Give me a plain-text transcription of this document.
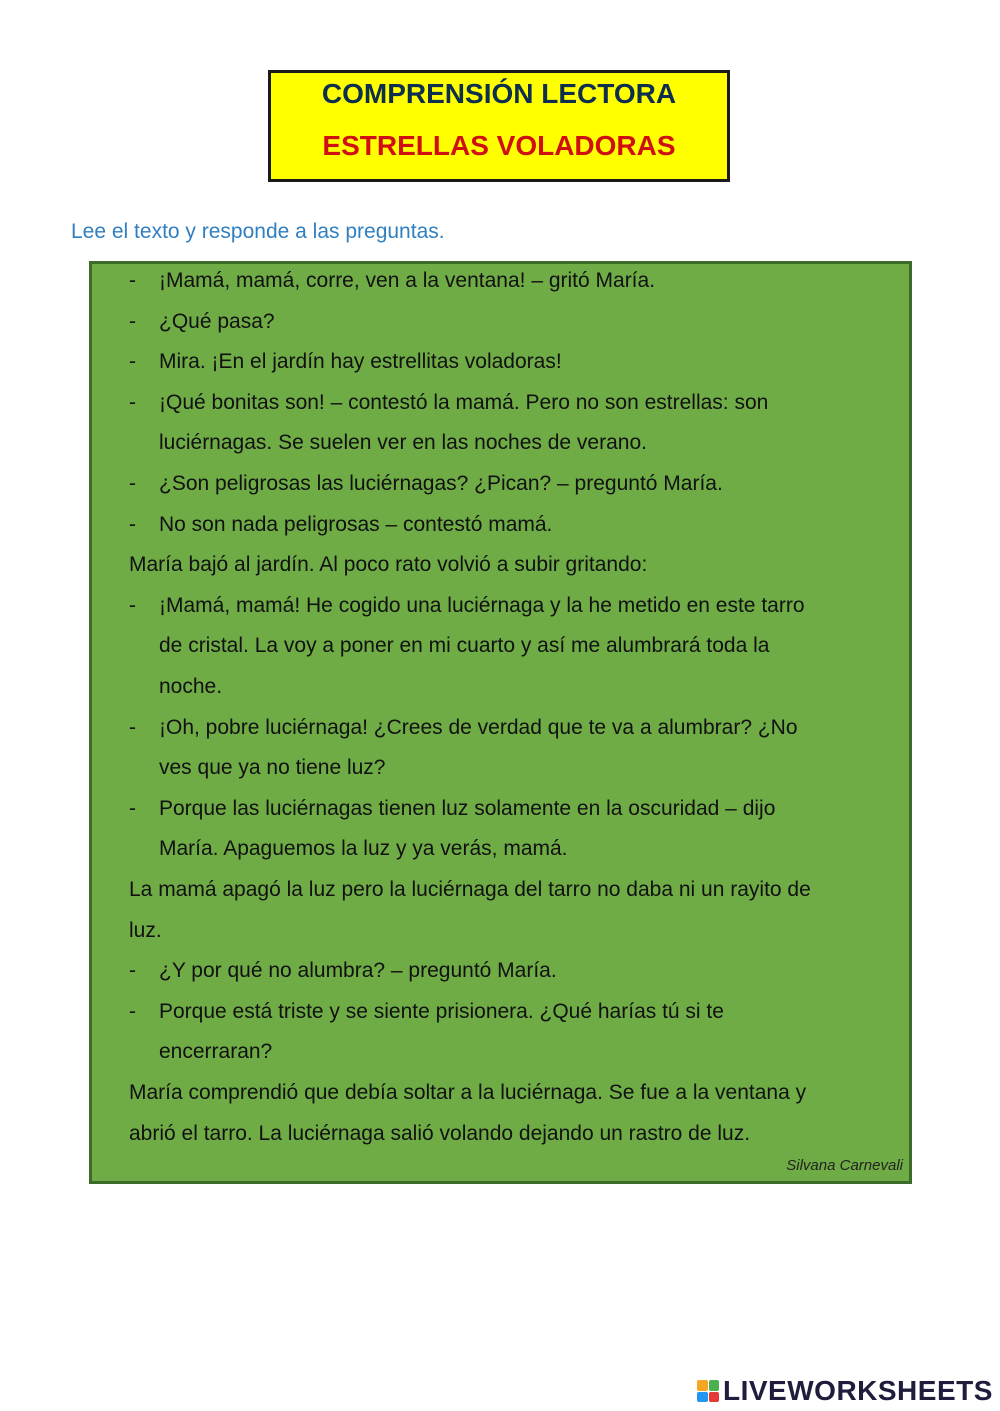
COMPRENSIÓN LECTORA
ESTRELLAS VOLADORAS
Lee el texto y responde a las preguntas.
- ¡Mamá, mamá, corre, ven a la ventana! – gritó María.
- ¿Qué pasa?
- Mira. ¡En el jardín hay estrellitas voladoras!
- ¡Qué bonitas son! – contestó la mamá. Pero no son estrellas: son
luciérnagas. Se suelen ver en las noches de verano.
- ¿Son peligrosas las luciérnagas? ¿Pican? – preguntó María.
- No son nada peligrosas – contestó mamá.
María bajó al jardín. Al poco rato volvió a subir gritando:
- ¡Mamá, mamá! He cogido una luciérnaga y la he metido en este tarro
de cristal. La voy a poner en mi cuarto y así me alumbrará toda la
noche.
- ¡Oh, pobre luciérnaga! ¿Crees de verdad que te va a alumbrar? ¿No
ves que ya no tiene luz?
- Porque las luciérnagas tienen luz solamente en la oscuridad – dijo
María. Apaguemos la luz y ya verás, mamá.
La mamá apagó la luz pero la luciérnaga del tarro no daba ni un rayito de
luz.
- ¿Y por qué no alumbra? – preguntó María.
- Porque está triste y se siente prisionera. ¿Qué harías tú si te
encerraran?
María comprendió que debía soltar a la luciérnaga. Se fue a la ventana y
abrió el tarro. La luciérnaga salió volando dejando un rastro de luz.
Silvana Carnevali
LIVEWORKSHEETS
